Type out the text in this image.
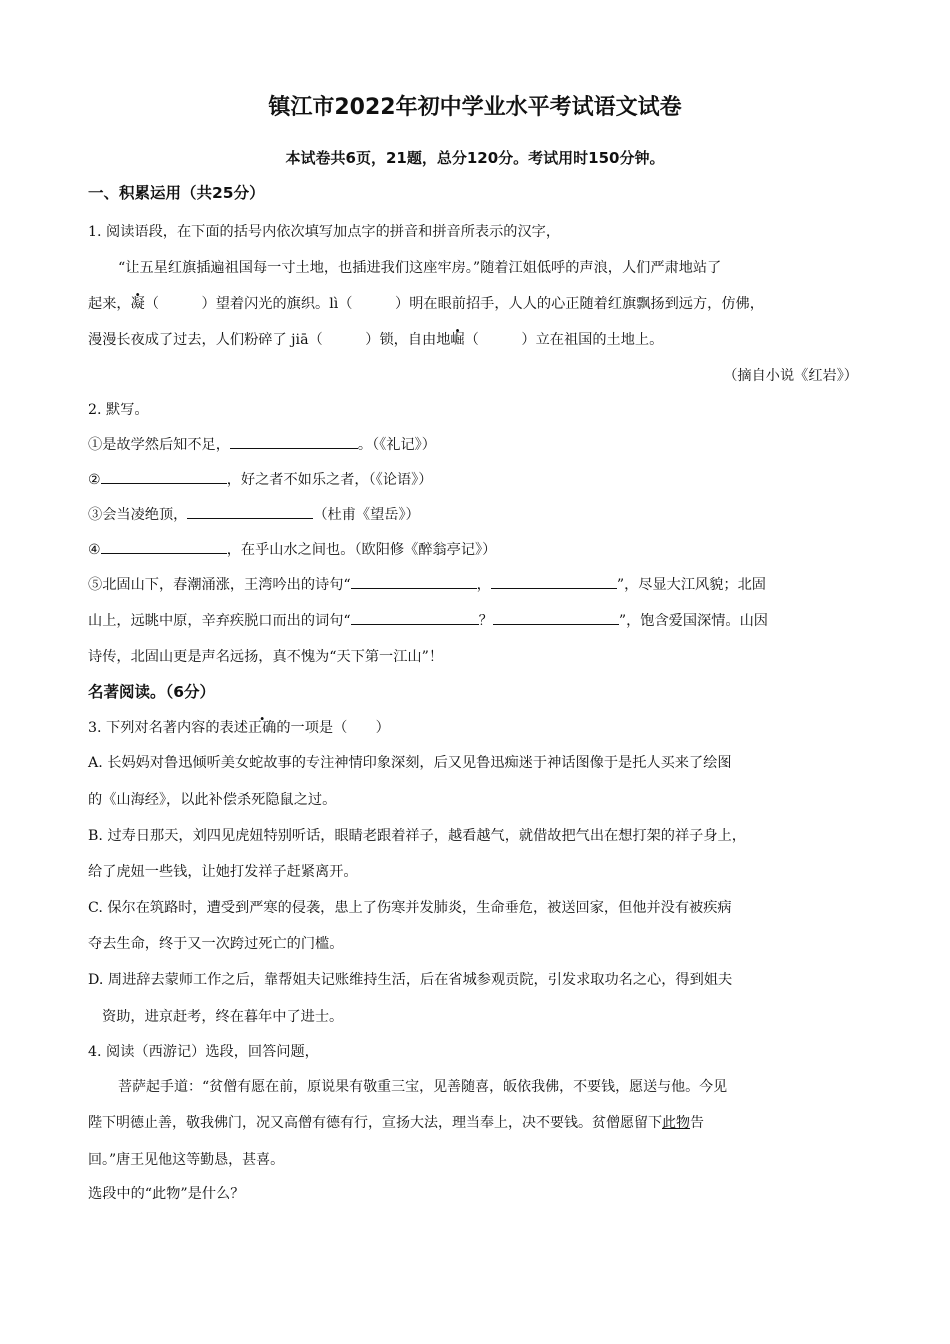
镇江市2022年初中学业水平考试语文试卷
本试卷共6页，21题，总分120分。考试用时150分钟。
一、积累运用（共25分）
1. 阅读语段，在下面的括号内依次填写加点字的拼音和拼音所表示的汉字，
“让五星红旗插遍祖国每一寸土地，也插进我们这座牢房。”随着江姐低呼的声浪，人们严肃地站了
起来，凝（　　　）望着闪光的旗织。lì（　　　）明在眼前招手，人人的心正随着红旗飘扬到远方，仿佛，
漫漫长夜成了过去，人们粉碎了 jiā（　　　）锁，自由地崛（　　　）立在祖国的土地上。
（摘自小说《红岩》）
2. 默写。
①是故学然后知不足，	。（《礼记》）
②	，好之者不如乐之者，（《论语》）
③会当凌绝顶，	（杜甫《望岳》）
④	，在乎山水之间也。（欧阳修《醉翁亭记》）
⑤北固山下，春潮涌涨，王湾吟出的诗句“	，	”，尽显大江风貌；北固
山上，远眺中原，辛弃疾脱口而出的词句“	？	”，饱含爱国深情。山因
诗传，北固山更是声名远扬，真不愧为“天下第一江山”！
名著阅读。（6分）
3. 下列对名著内容的表述正确的一项是（　　）
A. 长妈妈对鲁迅倾听美女蛇故事的专注神情印象深刻，后又见鲁迅痴迷于神话图像于是托人买来了绘图
的《山海经》，以此补偿杀死隐鼠之过。
B. 过寿日那天，刘四见虎妞特别听话，眼睛老跟着祥子，越看越气，就借故把气出在想打架的祥子身上，
给了虎妞一些钱，让她打发祥子赶紧离开。
C. 保尔在筑路时，遭受到严寒的侵袭，患上了伤寒并发肺炎，生命垂危，被送回家，但他并没有被疾病
夺去生命，终于又一次跨过死亡的门槛。
D. 周进辞去蒙师工作之后，靠帮姐夫记账维持生活，后在省城参观贡院，引发求取功名之心，得到姐夫
资助，进京赶考，终在暮年中了进士。
4. 阅读（西游记）选段，回答问题，
菩萨起手道：“贫僧有愿在前，原说果有敬重三宝，见善随喜，皈依我佛，不要钱，愿送与他。今见
陛下明德止善，敬我佛门，况又高僧有德有行，宣扬大法，理当奉上，决不要钱。贫僧愿留下此物告
回。”唐王见他这等勤恳，甚喜。
选段中的“此物”是什么？
